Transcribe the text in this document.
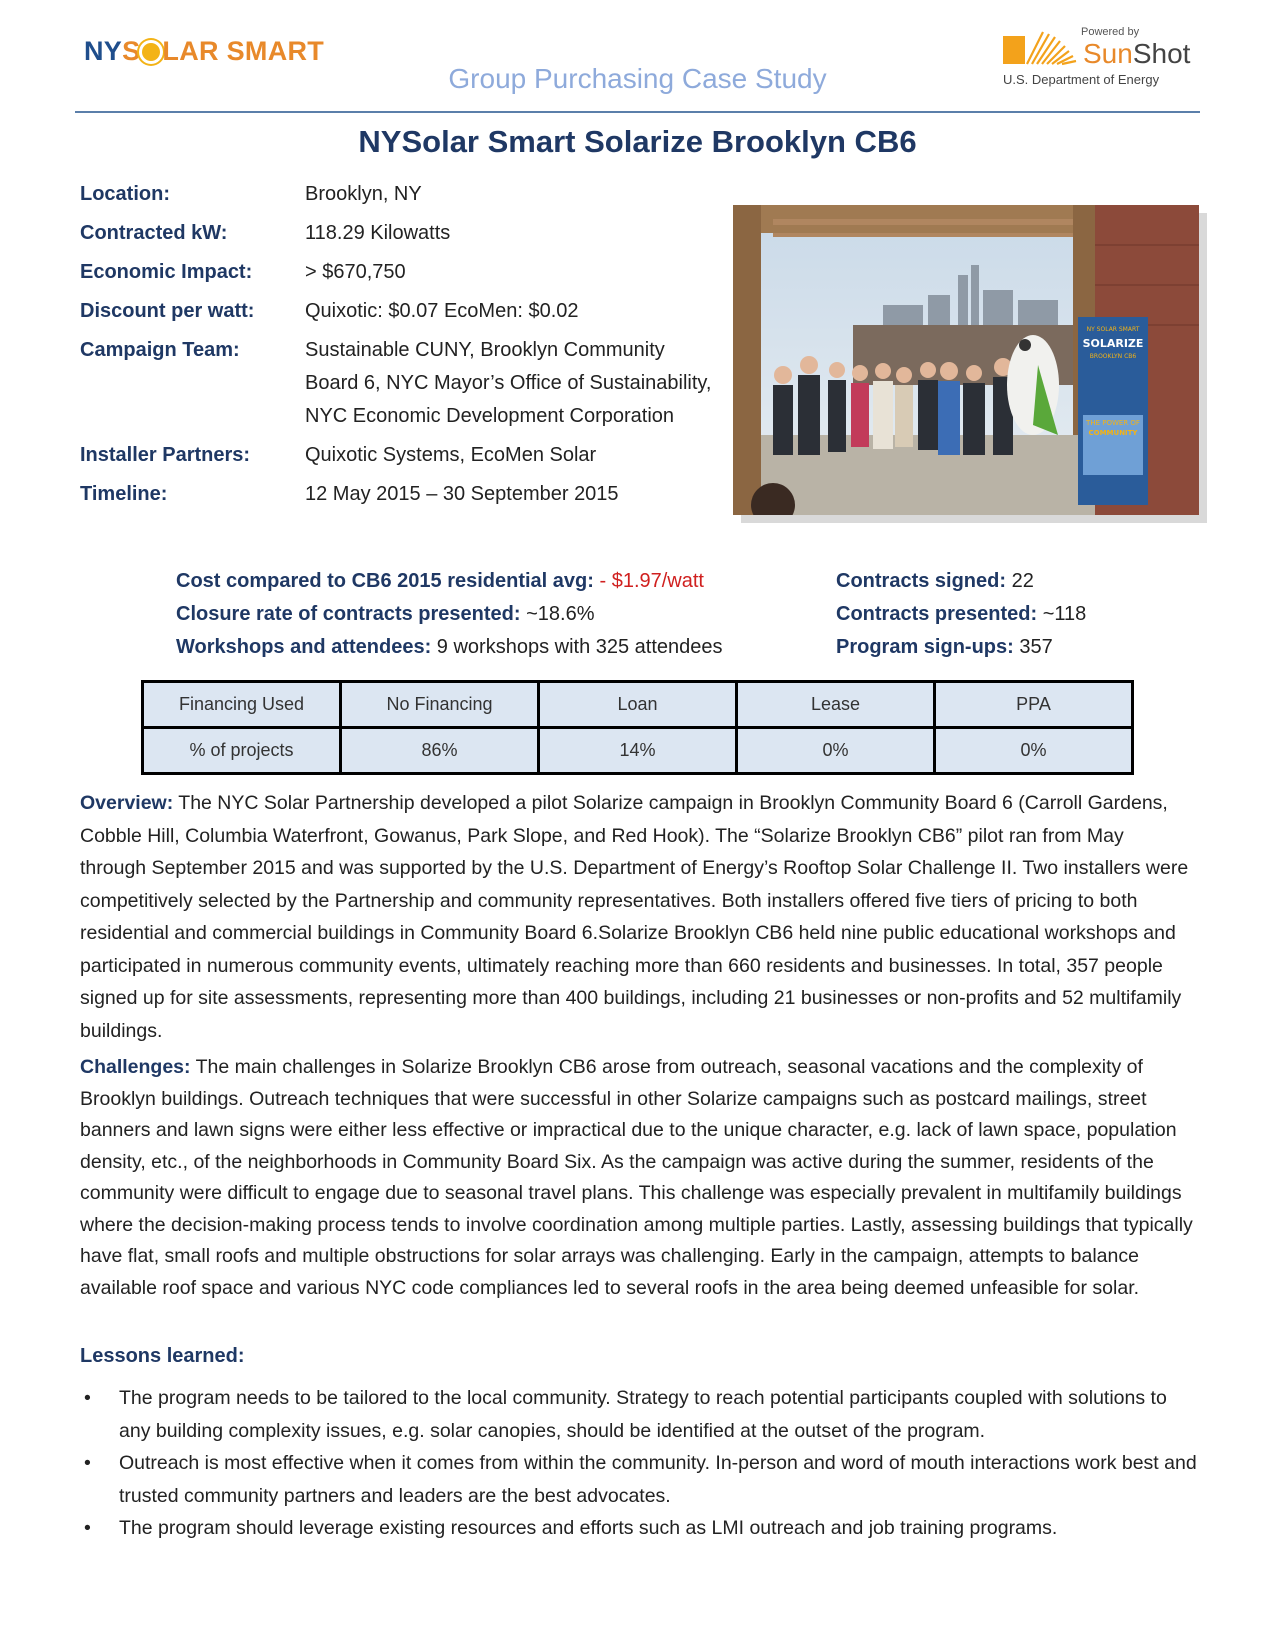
NYS LAR SMART
Powered by
SunShot
U.S. Department of Energy
Group Purchasing Case Study
NYSolar Smart Solarize Brooklyn CB6
Location:	Brooklyn, NY
Contracted kW:	118.29 Kilowatts
Economic Impact:	> $670,750
Discount per watt:	Quixotic: $0.07 EcoMen: $0.02
Campaign Team:	Sustainable CUNY, Brooklyn Community
Board 6, NYC Mayor’s Office of Sustainability,
NYC Economic Development Corporation
Installer Partners:	Quixotic Systems, EcoMen Solar
Timeline:	12 May 2015 – 30 September 2015
NY SOLAR SMART
SOLARIZE
BROOKLYN CB6
THE POWER OF
COMMUNITY
Cost compared to CB6 2015 residential avg: - $1.97/watt
Closure rate of contracts presented: ~18.6%
Workshops and attendees: 9 workshops with 325 attendees
Contracts signed: 22
Contracts presented: ~118
Program sign-ups: 357
Financing Used	No Financing	Loan	Lease	PPA
% of projects	86%	14%	0%	0%

Overview: The NYC Solar Partnership developed a pilot Solarize campaign in Brooklyn Community Board 6 (Carroll Gardens, Cobble Hill, Columbia Waterfront, Gowanus, Park Slope, and Red Hook). The “Solarize Brooklyn CB6” pilot ran from May through September 2015 and was supported by the U.S. Department of Energy’s Rooftop Solar Challenge II. Two installers were competitively selected by the Partnership and community representatives. Both installers offered five tiers of pricing to both residential and commercial buildings in Community Board 6.Solarize Brooklyn CB6 held nine public educational workshops and participated in numerous community events, ultimately reaching more than 660 residents and businesses. In total, 357 people signed up for site assessments, representing more than 400 buildings, including 21 businesses or non-profits and 52 multifamily buildings.

Challenges: The main challenges in Solarize Brooklyn CB6 arose from outreach, seasonal vacations and the complexity of Brooklyn buildings. Outreach techniques that were successful in other Solarize campaigns such as postcard mailings, street banners and lawn signs were either less effective or impractical due to the unique character, e.g. lack of lawn space, population density, etc., of the neighborhoods in Community Board Six. As the campaign was active during the summer, residents of the community were difficult to engage due to seasonal travel plans. This challenge was especially prevalent in multifamily buildings where the decision-making process tends to involve coordination among multiple parties. Lastly, assessing buildings that typically have flat, small roofs and multiple obstructions for solar arrays was challenging. Early in the campaign, attempts to balance available roof space and various NYC code compliances led to several roofs in the area being deemed unfeasible for solar.

Lessons learned:
• The program needs to be tailored to the local community. Strategy to reach potential participants coupled with solutions to any building complexity issues, e.g. solar canopies, should be identified at the outset of the program.
• Outreach is most effective when it comes from within the community. In-person and word of mouth interactions work best and trusted community partners and leaders are the best advocates.
• The program should leverage existing resources and efforts such as LMI outreach and job training programs.
